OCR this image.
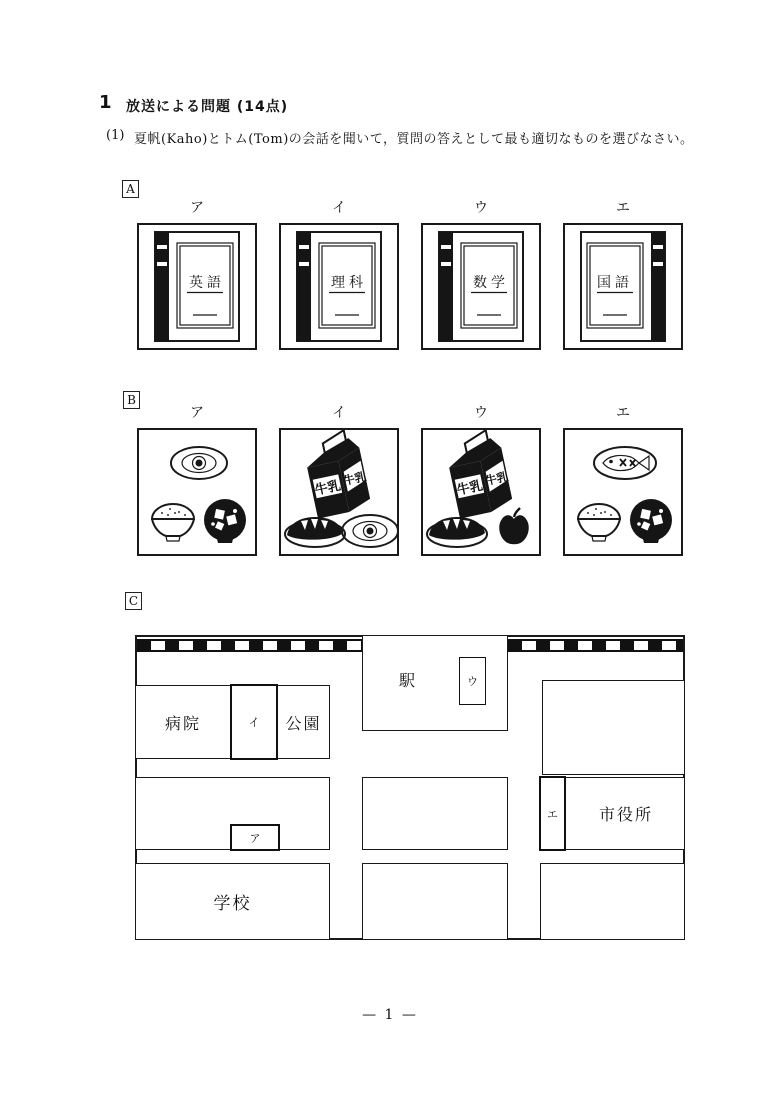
1 放送による問題 (14点)
(1) 夏帆(Kaho)とトム(Tom)の会話を聞いて，質問の答えとして最も適切なものを選びなさい。
A
ア	イ	ウ	エ
英語	理科	数学	国語
B
ア	イ	ウ	エ
C
駅	ウ
病院	イ 公園
ア
エ	市役所
学校
— 1 —
